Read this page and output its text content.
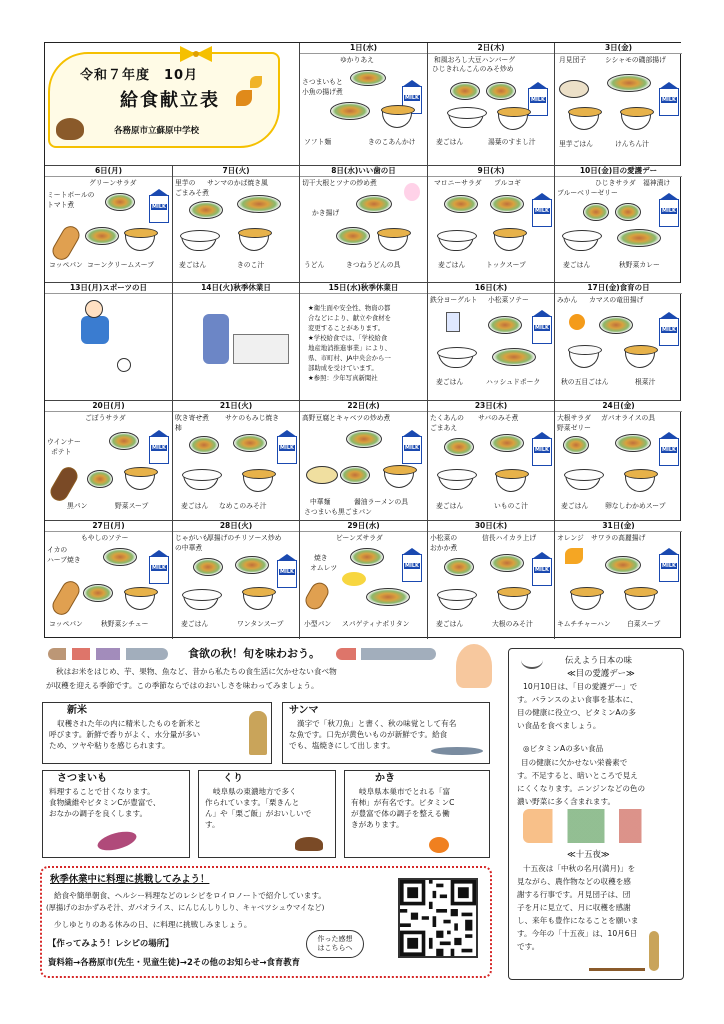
令和７年度　10月
給食献立表
各務原市立蘇原中学校
1日(水)
ゆかりあえ
さつまいもと
小魚の揚げ煮
MILK
ソフト麺	きのこあんかけ
2日(木)
和風おろし大豆ハンバーグ
ひじきれんこんのみそ炒め
MILK
麦ごはん	湯葉のすまし汁
3日(金)
月見団子	シシャモの磯部揚げ
MILK
里芋ごはん	けんちん汁
6日(月)
グリーンサラダ
ミートボールの
トマト煮
MILK
コッペパン コーンクリームスープ
7日(火)
里芋の サンマのかば焼き風
ごまみそ煮
麦ごはん	きのこ汁
8日(水)いい歯の日
切干大根とツナの炒め煮
かき揚げ
うどん	きつねうどんの具
9日(木)
マロニーサラダ プルコギ
MILK
麦ごはん	トックスープ
10日(金)目の愛護デー
ひじきサラダ 福神漬け
ブルーベリーゼリー
MILK
麦ごはん	秋野菜カレー
13日(月)スポーツの日	14日(火)秋季休業日	15日(水)秋季休業日
★衛生面や安全性、物資の都
合などにより、献立や食材を
変更することがあります。
★学校給食では、「学校給食
地産地消推進事業」により、
県、市町村、JA中央会から一
部助成を受けています。
★参照：少年写真新聞社
16日(木)
鉄分ヨーグルト 小松菜ソテー
MILK
麦ごはん	ハッシュドポーク
17日(金)食育の日
みかん カマスの竜田揚げ
MILK
秋の五目ごはん	根菜汁
20日(月)
ごぼうサラダ
MILK
ウインナー
ポテト
黒パン	野菜スープ
21日(火)
吹き寄せ煮 サケのもみじ焼き
柿
MILK
麦ごはん なめこのみそ汁
22日(水)
高野豆腐とキャベツの炒め煮
MILK
中華麺	醤油ラーメンの具
さつまいも黒ごまパン
23日(木)
たくあんの サバのみそ煮
ごまあえ
MILK
麦ごはん	いものこ汁
24日(金)
大根サラダ ガパオライスの具
野菜ゼリー
MILK
麦ごはん 卵なしわかめスープ
27日(月)
もやしのソテー
MILK
イカの
ハーブ焼き
コッペパン	秋野菜シチュー
28日(火)
じゃがいも
厚揚げのチリソース炒め
の中華煮
MILK
麦ごはん	ワンタンスープ
29日(水)
ビーンズサラダ
MILK
焼き
オムレツ
小型パン スパゲティナポリタン
30日(木)
小松菜の	信長ハイカラ上げ
おかか煮
MILK
麦ごはん	大根のみそ汁
31日(金)
オレンジ サワラの高麗揚げ
MILK
キムチチャーハン 白菜スープ
食欲の秋！旬を味わおう。
秋はお米をはじめ、芋、果物、魚など、昔から私たちの食生活に欠かせない食べ物
が収穫を迎える季節です。この季節ならではのおいしさを味わってみましょう。
新米
収穫された年の内に精米したものを新米と
呼びます。新鮮で香りがよく、水分量が多い
ため、ツヤや粘りを感じられます。
サンマ
漢字で「秋刀魚」と書く、秋の味覚として有名
な魚です。口先が黄色いものが新鮮です。給食
でも、塩焼きにして出します。
さつまいも
料理することで甘くなります。
食物繊維やビタミンCが豊富で、
おなかの調子を良くします。
くり
岐阜県の東濃地方で多く
作られています。「栗きんと
ん」や「栗ご飯」がおいしいで
す。
かき
岐阜県本巣市でとれる「富
有柿」が有名です。ビタミンC
が豊富で体の調子を整える働
きがあります。
秋季休業中に料理に挑戦してみよう！
給食や簡単朝食、ヘルシー料理などのレシピをロイロノートで紹介しています。
(厚揚げのおかずみそ汁、ガパオライス、にんじんしりしり、キャベツシュウマイなど)
少しゆとりのある休みの日、に料理に挑戦しみましょう。
【作ってみよう！レシピの場所】
資料箱→各務原市(先生・児童生徒)→2その他のお知らせ→食育教育
作った感想
はこちらへ
伝えよう日本の味
≪目の愛護デー≫
10月10日は、「目の愛護デー」で
す。バランスのよい食事を基本に、
目の健康に役立つ、ビタミンAの多
い食品を食べましょう。
◎ビタミンAの多い食品
目の健康に欠かせない栄養素で
す。不足すると、暗いところで見え
にくくなります。ニンジンなどの色の
濃い野菜に多く含まれます。
≪十五夜≫
十五夜は「中秋の名月(満月)」を
見ながら、農作物などの収穫を感
謝する行事です。月見団子は、団
子を月に見立て、月に収穫を感謝
し、来年も豊作になることを願いま
す。今年の「十五夜」は、10月6日
です。
